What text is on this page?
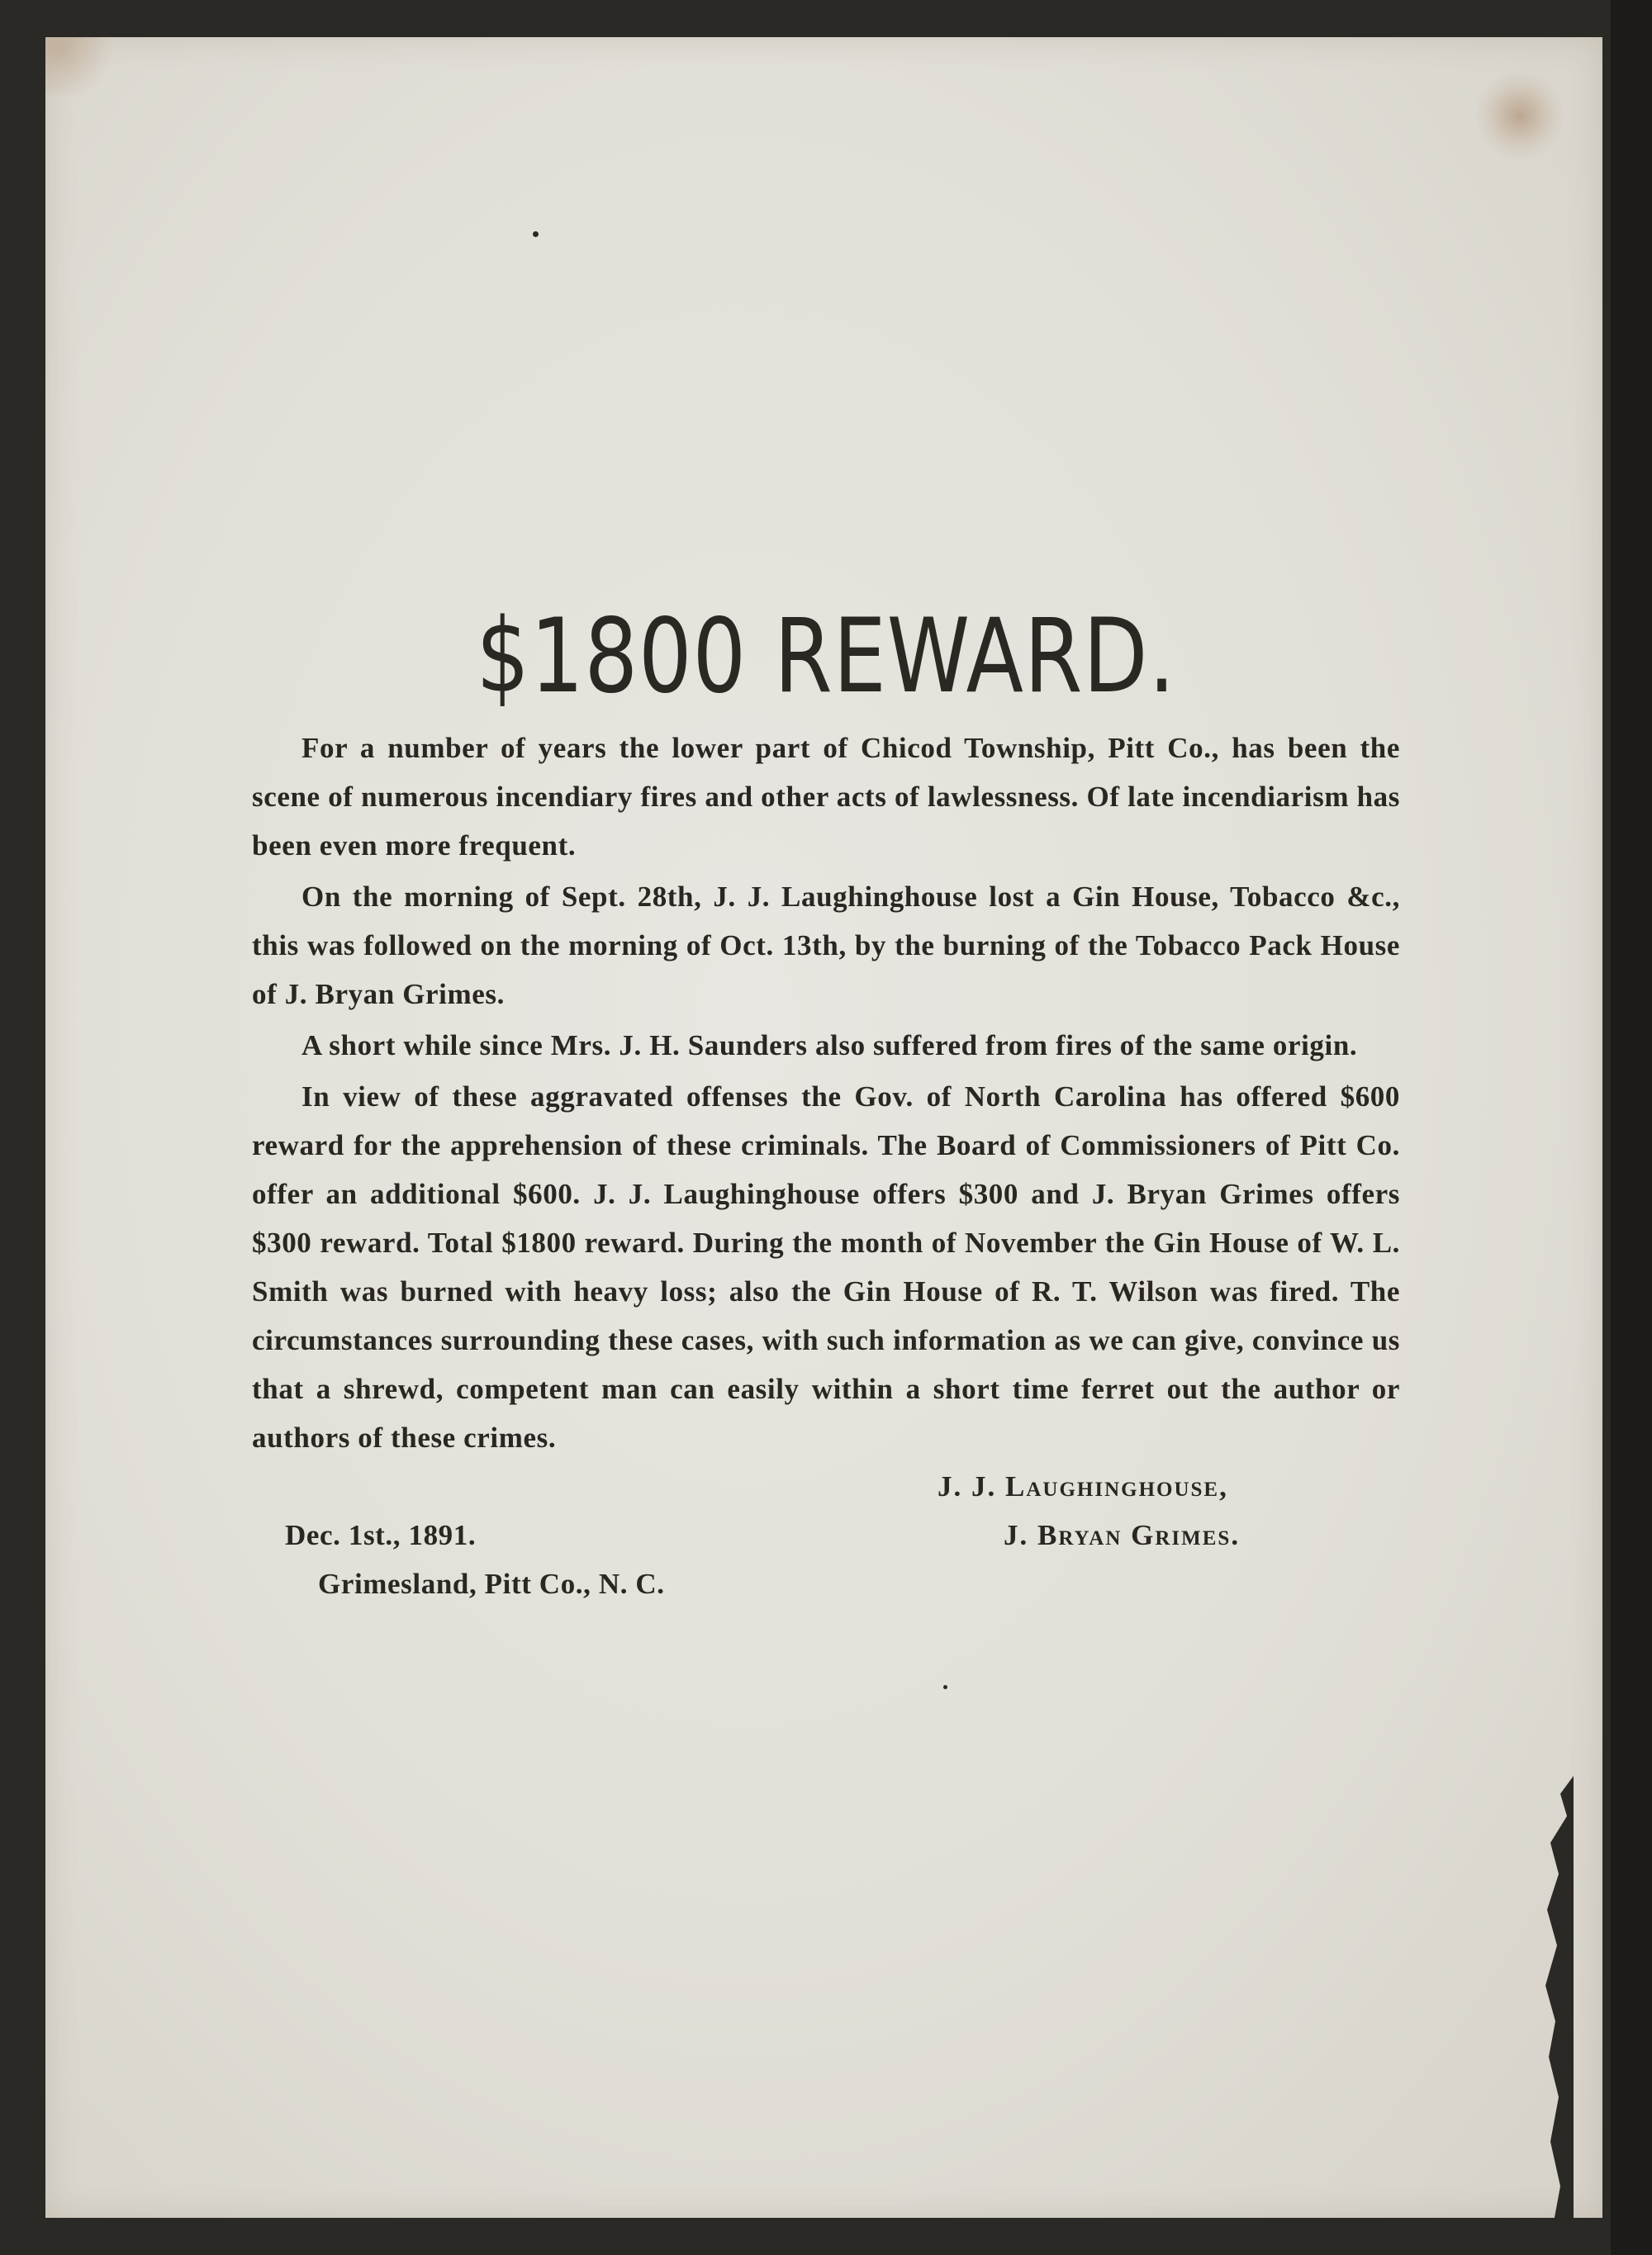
$1800 REWARD.

For a number of years the lower part of Chicod Township, Pitt Co., has been the scene of numerous incendiary fires and other acts of lawlessness. Of late incendiarism has been even more frequent.

On the morning of Sept. 28th, J. J. Laughinghouse lost a Gin House, Tobacco &c., this was followed on the morning of Oct. 13th, by the burning of the Tobacco Pack House of J. Bryan Grimes.

A short while since Mrs. J. H. Saunders also suffered from fires of the same origin.

In view of these aggravated offenses the Gov. of North Carolina has offered $600 reward for the apprehension of these criminals. The Board of Commissioners of Pitt Co. offer an additional $600. J. J. Laughinghouse offers $300 and J. Bryan Grimes offers $300 reward. Total $1800 reward. During the month of November the Gin House of W. L. Smith was burned with heavy loss; also the Gin House of R. T. Wilson was fired. The circumstances surrounding these cases, with such information as we can give, convince us that a shrewd, competent man can easily within a short time ferret out the author or authors of these crimes.

Dec. 1st., 1891.
Grimesland, Pitt Co., N. C.
J. J. Laughinghouse,
J. Bryan Grimes.
